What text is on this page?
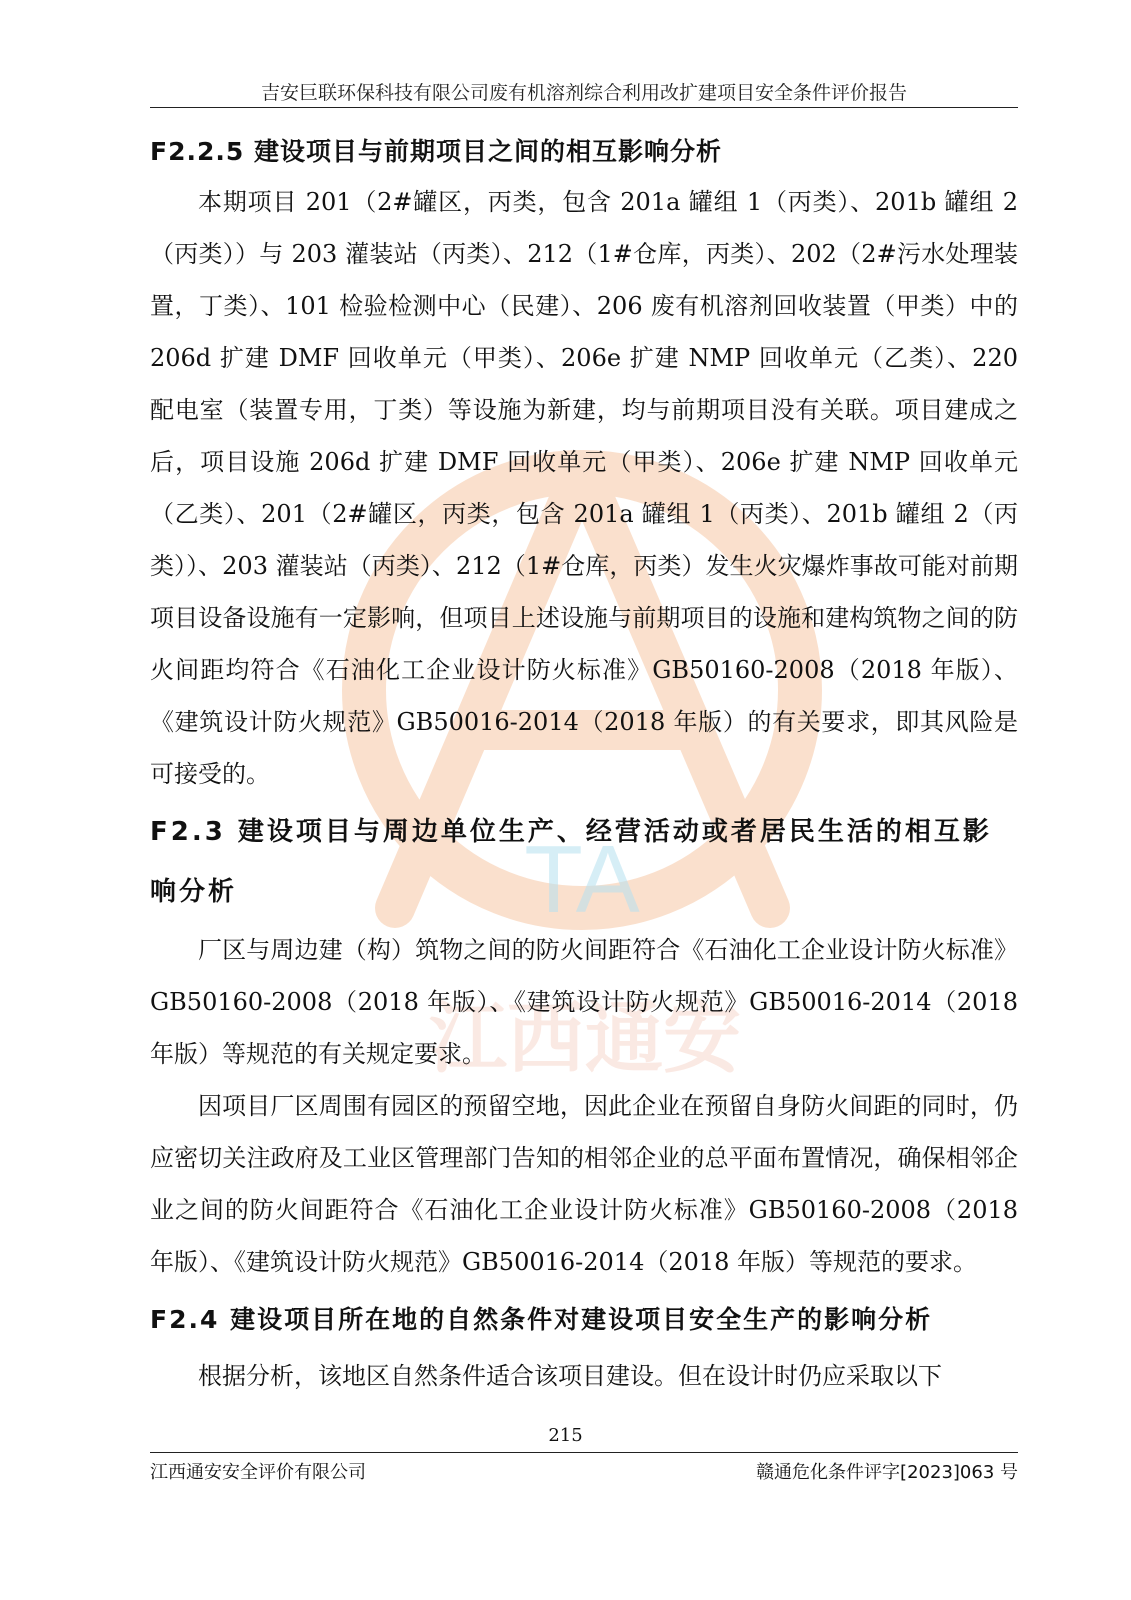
吉安巨联环保科技有限公司废有机溶剂综合利用改扩建项目安全条件评价报告
TA
江西通安
F2.2.5 建设项目与前期项目之间的相互影响分析

本期项目 201（2#罐区，丙类，包含 201a 罐组 1（丙类）、201b 罐组 2（丙类））与 203 灌装站（丙类）、212（1#仓库，丙类）、202（2#污水处理装置，丁类）、101 检验检测中心（民建）、206 废有机溶剂回收装置（甲类）中的 206d 扩建 DMF 回收单元（甲类）、206e 扩建 NMP 回收单元（乙类）、220 配电室（装置专用，丁类）等设施为新建，均与前期项目没有关联。项目建成之后，项目设施 206d 扩建 DMF 回收单元（甲类）、206e 扩建 NMP 回收单元（乙类）、201（2#罐区，丙类，包含 201a 罐组 1（丙类）、201b 罐组 2（丙类））、203 灌装站（丙类）、212（1#仓库，丙类）发生火灾爆炸事故可能对前期项目设备设施有一定影响，但项目上述设施与前期项目的设施和建构筑物之间的防火间距均符合《石油化工企业设计防火标准》GB50160-2008（2018 年版）、《建筑设计防火规范》GB50016-2014（2018 年版）的有关要求，即其风险是可接受的。

F2.3 建设项目与周边单位生产、经营活动或者居民生活的相互影响分析

厂区与周边建（构）筑物之间的防火间距符合《石油化工企业设计防火标准》GB50160-2008（2018 年版）、《建筑设计防火规范》GB50016-2014（2018 年版）等规范的有关规定要求。

因项目厂区周围有园区的预留空地，因此企业在预留自身防火间距的同时，仍应密切关注政府及工业区管理部门告知的相邻企业的总平面布置情况，确保相邻企业之间的防火间距符合《石油化工企业设计防火标准》GB50160-2008（2018 年版）、《建筑设计防火规范》GB50016-2014（2018 年版）等规范的要求。

F2.4 建设项目所在地的自然条件对建设项目安全生产的影响分析

根据分析，该地区自然条件适合该项目建设。但在设计时仍应采取以下

215
江西通安安全评价有限公司	赣通危化条件评字[2023]063 号
